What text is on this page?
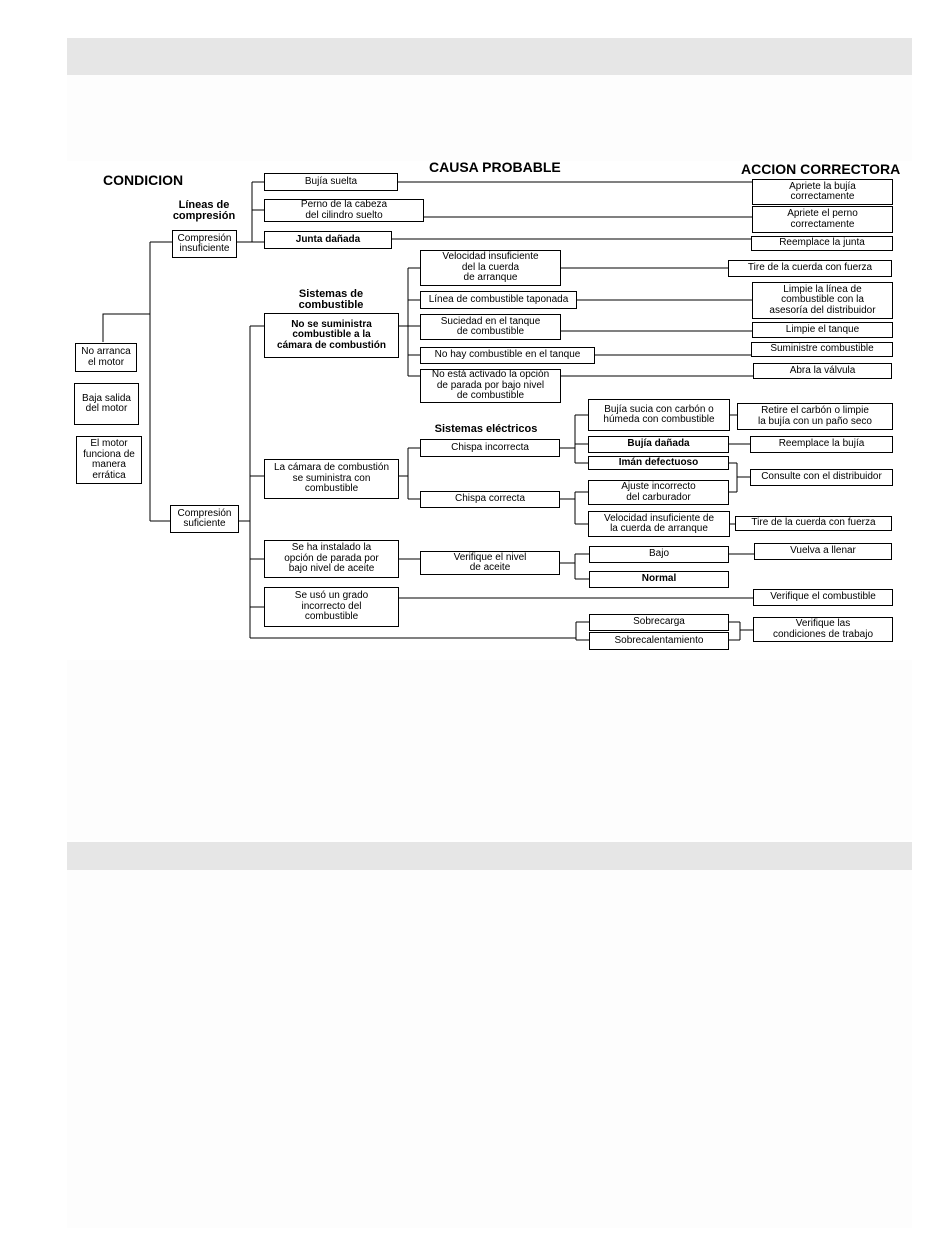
CONDICION
CAUSA PROBABLE	ACCION CORRECTORA
Líneas de
compresión
Sistemas de
combustible
Sistemas eléctricos
No arranca
el motor
Baja salida
del motor
El motor
funciona de
manera
errática
Compresión
insuficiente
Compresión
suficiente
Bujía suelta
Perno de la cabeza
del cilindro suelto
Junta dañada
No se suministra
combustible a la
cámara de combustión
La cámara de combustión
se suministra con
combustible
Se ha instalado la
opción de parada por
bajo nivel de aceite
Se usó un grado
incorrecto del
combustible
Velocidad insuficiente
del la cuerda
de arranque
Línea de combustible taponada
Suciedad en el tanque
de combustible
No hay combustible en el tanque
No está activado la opción
de parada por bajo nivel
de combustible
Chispa incorrecta
Chispa correcta
Bujía sucia con carbón o
húmeda con combustible
Bujía dañada
Imán defectuoso
Ajuste incorrecto
del carburador
Velocidad insuficiente de
la cuerda de arranque
Verifique el nivel
de aceite
Bajo
Normal
Sobrecarga
Sobrecalentamiento
Apriete la bujía
correctamente
Apriete el perno
correctamente
Reemplace la junta
Tire de la cuerda con fuerza
Limpie la línea de
combustible con la
asesoría del distribuidor
Limpie el tanque
Suministre combustible
Abra la válvula
Retire el carbón o limpie
la bujía con un paño seco
Reemplace la bujía
Consulte con el distribuidor
Tire de la cuerda con fuerza
Vuelva a llenar
Verifique el combustible
Verifique las
condiciones de trabajo
